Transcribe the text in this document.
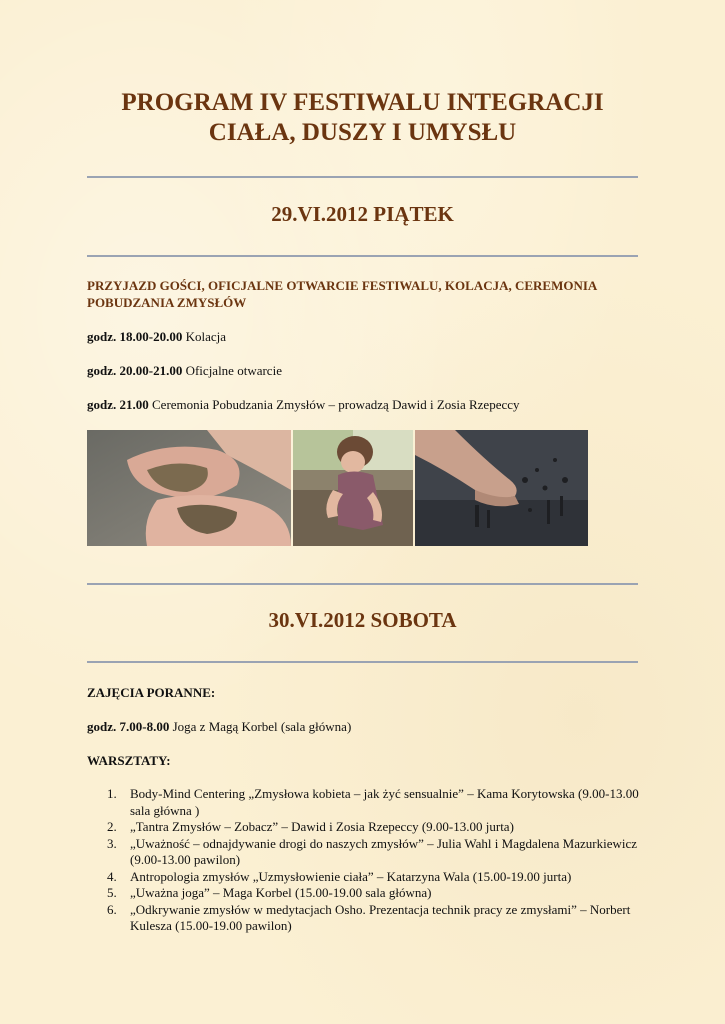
PROGRAM IV FESTIWALU INTEGRACJI
CIAŁA, DUSZY I UMYSŁU
29.VI.2012 PIĄTEK
PRZYJAZD GOŚCI, OFICJALNE OTWARCIE FESTIWALU, KOLACJA, CEREMONIA POBUDZANIA ZMYSŁÓW
godz. 18.00-20.00 Kolacja
godz. 20.00-21.00 Oficjalne otwarcie
godz. 21.00 Ceremonia Pobudzania Zmysłów – prowadzą Dawid i Zosia Rzepeccy
30.VI.2012 SOBOTA
ZAJĘCIA PORANNE:
godz. 7.00-8.00 Joga z Magą Korbel (sala główna)
WARSZTATY:
1. Body-Mind Centering „Zmysłowa kobieta – jak żyć sensualnie” – Kama Korytowska (9.00-13.00 sala główna )
2. „Tantra Zmysłów – Zobacz” – Dawid i Zosia Rzepeccy (9.00-13.00 jurta)
3. „Uważność – odnajdywanie drogi do naszych zmysłów” – Julia Wahl i Magdalena Mazurkiewicz (9.00-13.00 pawilon)
4. Antropologia zmysłów „Uzmysłowienie ciała” – Katarzyna Wala (15.00-19.00 jurta)
5. „Uważna joga” – Maga Korbel (15.00-19.00 sala główna)
6. „Odkrywanie zmysłów w medytacjach Osho. Prezentacja technik pracy ze zmysłami” – Norbert Kulesza (15.00-19.00 pawilon)
